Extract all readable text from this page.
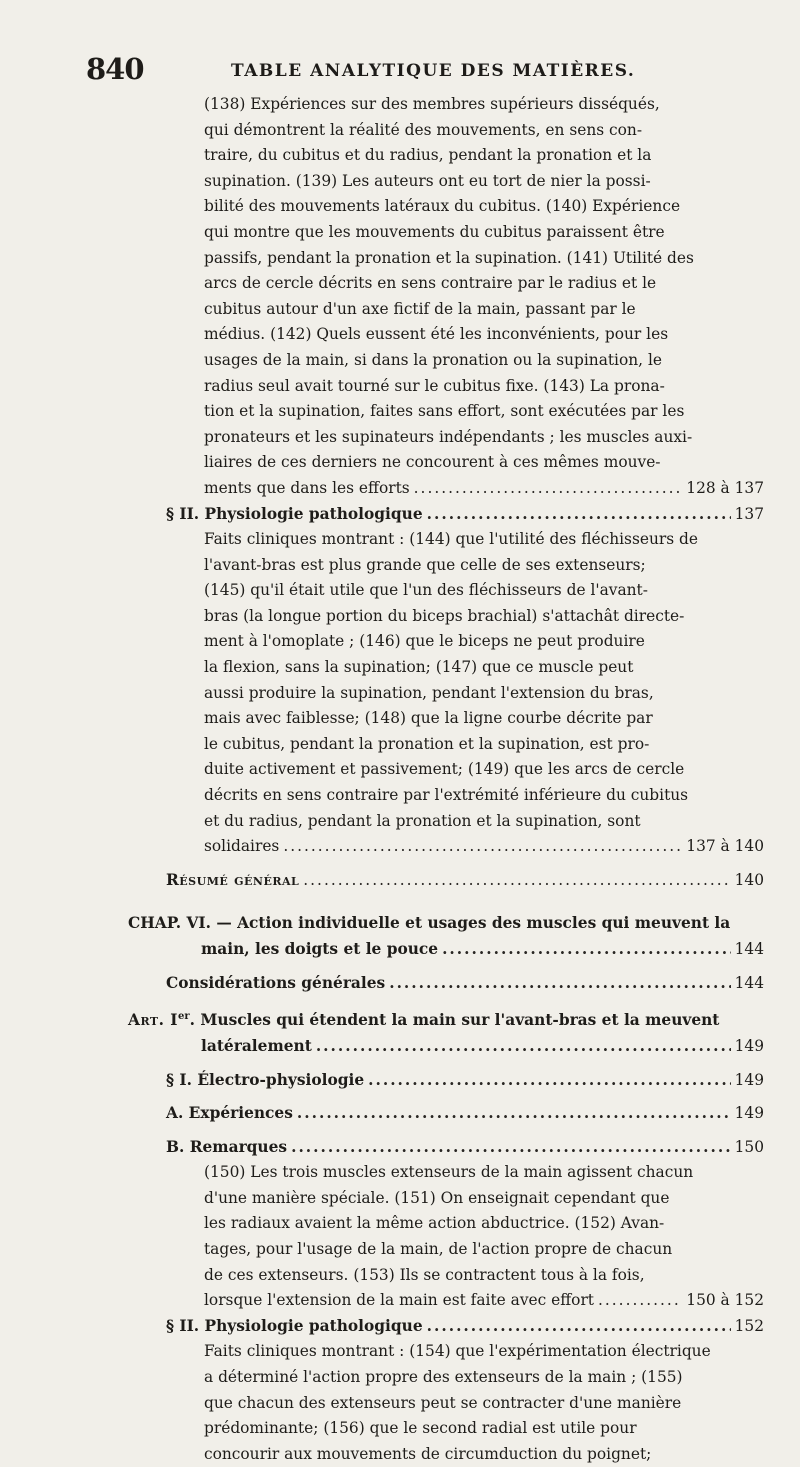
840	TABLE ANALYTIQUE DES MATIÈRES.
(138) Expériences sur des membres supérieurs disséqués,
qui démontrent la réalité des mouvements, en sens con-
traire, du cubitus et du radius, pendant la pronation et la
supination. (139) Les auteurs ont eu tort de nier la possi-
bilité des mouvements latéraux du cubitus. (140) Expérience
qui montre que les mouvements du cubitus paraissent être
passifs, pendant la pronation et la supination. (141) Utilité des
arcs de cercle décrits en sens contraire par le radius et le
cubitus autour d'un axe fictif de la main, passant par le
médius. (142) Quels eussent été les inconvénients, pour les
usages de la main, si dans la pronation ou la supination, le
radius seul avait tourné sur le cubitus fixe. (143) La prona-
tion et la supination, faites sans effort, sont exécutées par les
pronateurs et les supinateurs indépendants ; les muscles auxi-
liaires de ces derniers ne concourent à ces mêmes mouve-
ments que dans les efforts .....	128 à 137
§ II. Physiologie pathologique .....	137
Faits cliniques montrant : (144) que l'utilité des fléchisseurs de
l'avant-bras est plus grande que celle de ses extenseurs;
(145) qu'il était utile que l'un des fléchisseurs de l'avant-
bras (la longue portion du biceps brachial) s'attachât directe-
ment à l'omoplate ; (146) que le biceps ne peut produire
la flexion, sans la supination; (147) que ce muscle peut
aussi produire la supination, pendant l'extension du bras,
mais avec faiblesse; (148) que la ligne courbe décrite par
le cubitus, pendant la pronation et la supination, est pro-
duite activement et passivement; (149) que les arcs de cercle
décrits en sens contraire par l'extrémité inférieure du cubitus
et du radius, pendant la pronation et la supination, sont
solidaires .....	137 à 140
Résumé général .....	140
CHAP. VI. — Action individuelle et usages des muscles qui meuvent la
main, les doigts et le pouce .....	144
Considérations générales .....	144
Art. Ier. Muscles qui étendent la main sur l'avant-bras et la meuvent
latéralement .....	149
§ I. Électro-physiologie .....	149
A. Expériences .....	149
B. Remarques .....	150
(150) Les trois muscles extenseurs de la main agissent chacun
d'une manière spéciale. (151) On enseignait cependant que
les radiaux avaient la même action abductrice. (152) Avan-
tages, pour l'usage de la main, de l'action propre de chacun
de ces extenseurs. (153) Ils se contractent tous à la fois,
lorsque l'extension de la main est faite avec effort .....	150 à 152
§ II. Physiologie pathologique .....	152
Faits cliniques montrant : (154) que l'expérimentation électrique
a déterminé l'action propre des extenseurs de la main ; (155)
que chacun des extenseurs peut se contracter d'une manière
prédominante; (156) que le second radial est utile pour
concourir aux mouvements de circumduction du poignet;
